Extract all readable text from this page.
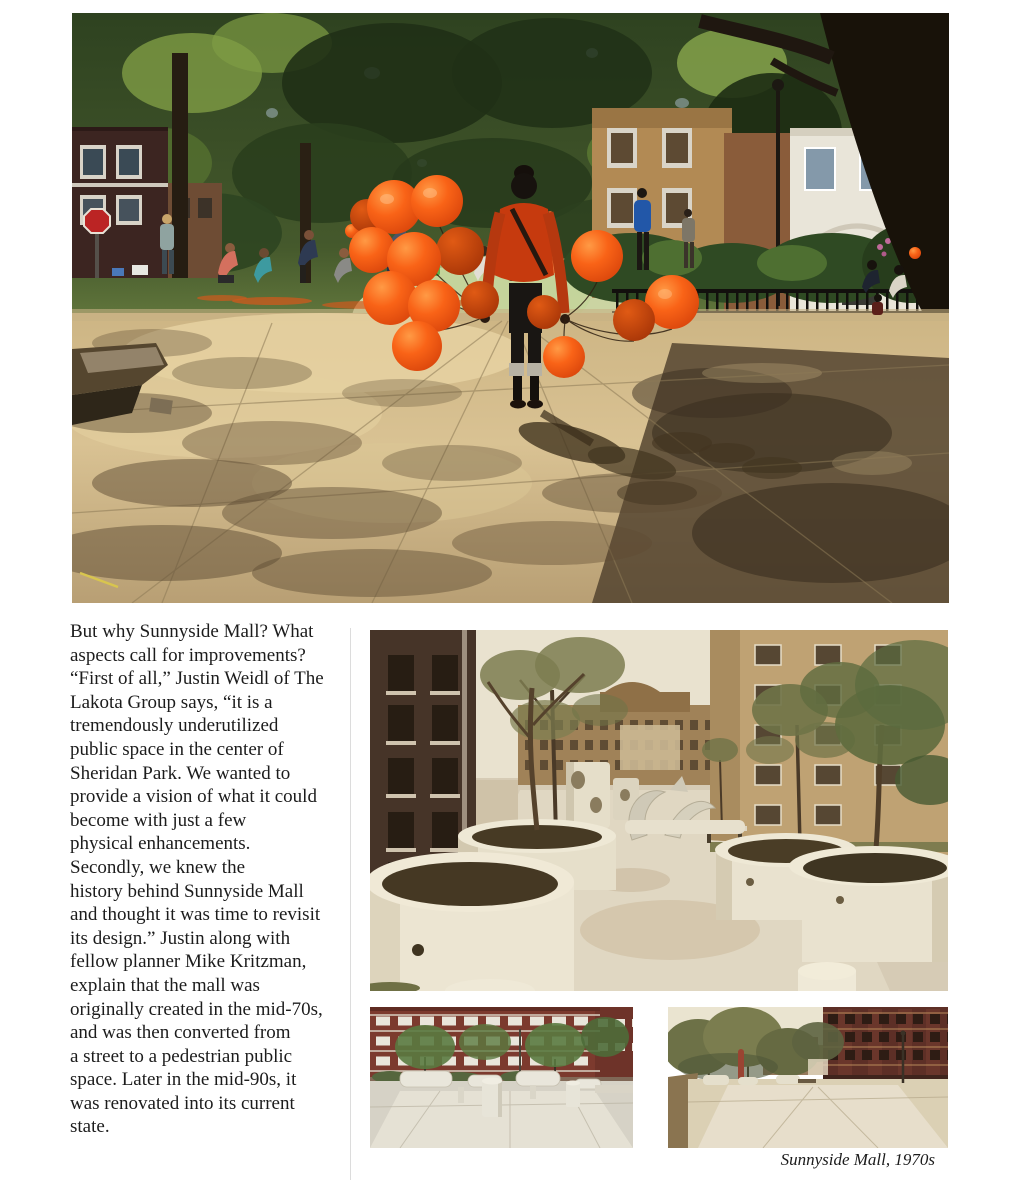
But why Sunnyside Mall? What
aspects call for improvements?
“First of all,” Justin Weidl of The
Lakota Group says, “it is a
tremendously underutilized
public space in the center of
Sheridan Park. We wanted to
provide a vision of what it could
become with just a few
physical enhancements.
Secondly, we knew the
history behind Sunnyside Mall
and thought it was time to revisit
its design.” Justin along with
fellow planner Mike Kritzman,
explain that the mall was
originally created in the mid-70s,
and was then converted from
a street to a pedestrian public
space. Later in the mid-90s, it
was renovated into its current
state.
Sunnyside Mall, 1970s
